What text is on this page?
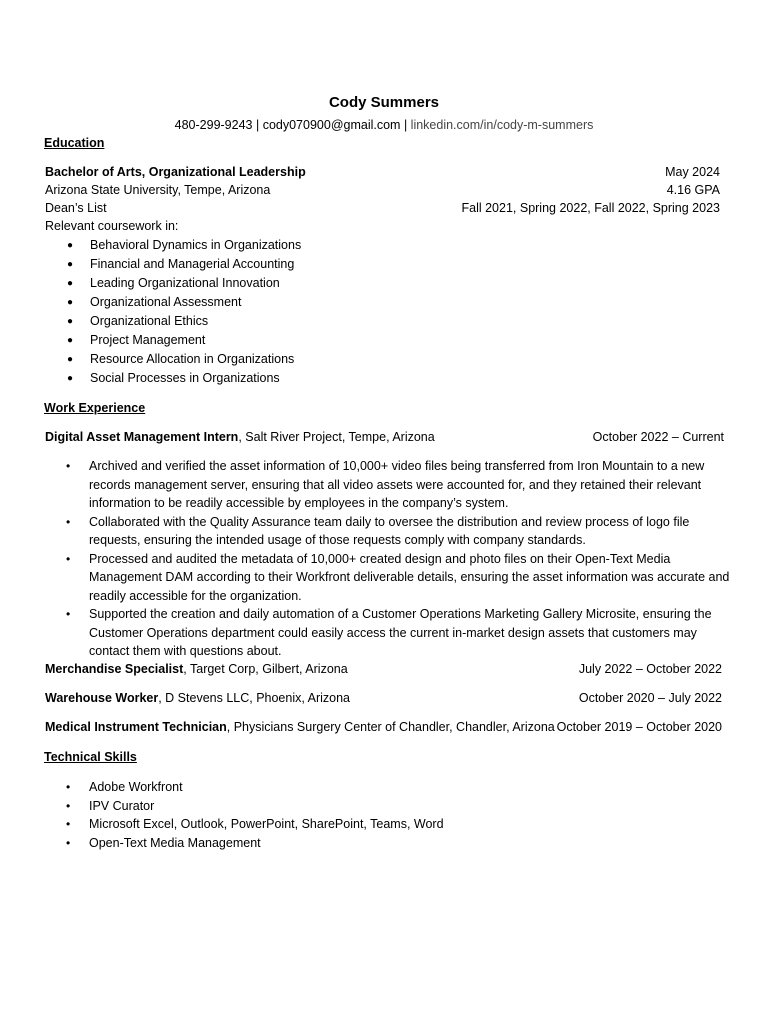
Cody Summers
480-299-9243 | cody070900@gmail.com | linkedin.com/in/cody-m-summers
Education
Bachelor of Arts, Organizational Leadership	May 2024
Arizona State University, Tempe, Arizona	4.16 GPA
Dean’s List	Fall 2021, Spring 2022, Fall 2022, Spring 2023
Relevant coursework in:
● Behavioral Dynamics in Organizations
● Financial and Managerial Accounting
● Leading Organizational Innovation
● Organizational Assessment
● Organizational Ethics
● Project Management
● Resource Allocation in Organizations
● Social Processes in Organizations
Work Experience
Digital Asset Management Intern, Salt River Project, Tempe, Arizona	October 2022 – Current
• Archived and verified the asset information of 10,000+ video files being transferred from Iron Mountain to a new records management server, ensuring that all video assets were accounted for, and they retained their relevant information to be readily accessible by employees in the company’s system.
• Collaborated with the Quality Assurance team daily to oversee the distribution and review process of logo file requests, ensuring the intended usage of those requests comply with company standards.
• Processed and audited the metadata of 10,000+ created design and photo files on their Open-Text Media Management DAM according to their Workfront deliverable details, ensuring the asset information was accurate and readily accessible for the organization.
• Supported the creation and daily automation of a Customer Operations Marketing Gallery Microsite, ensuring the Customer Operations department could easily access the current in-market design assets that customers may contact them with questions about.
Merchandise Specialist, Target Corp, Gilbert, Arizona	July 2022 – October 2022
Warehouse Worker, D Stevens LLC, Phoenix, Arizona	October 2020 – July 2022
Medical Instrument Technician, Physicians Surgery Center of Chandler, Chandler, Arizona October 2019 – October 2020
Technical Skills
• Adobe Workfront
• IPV Curator
• Microsoft Excel, Outlook, PowerPoint, SharePoint, Teams, Word
• Open-Text Media Management
